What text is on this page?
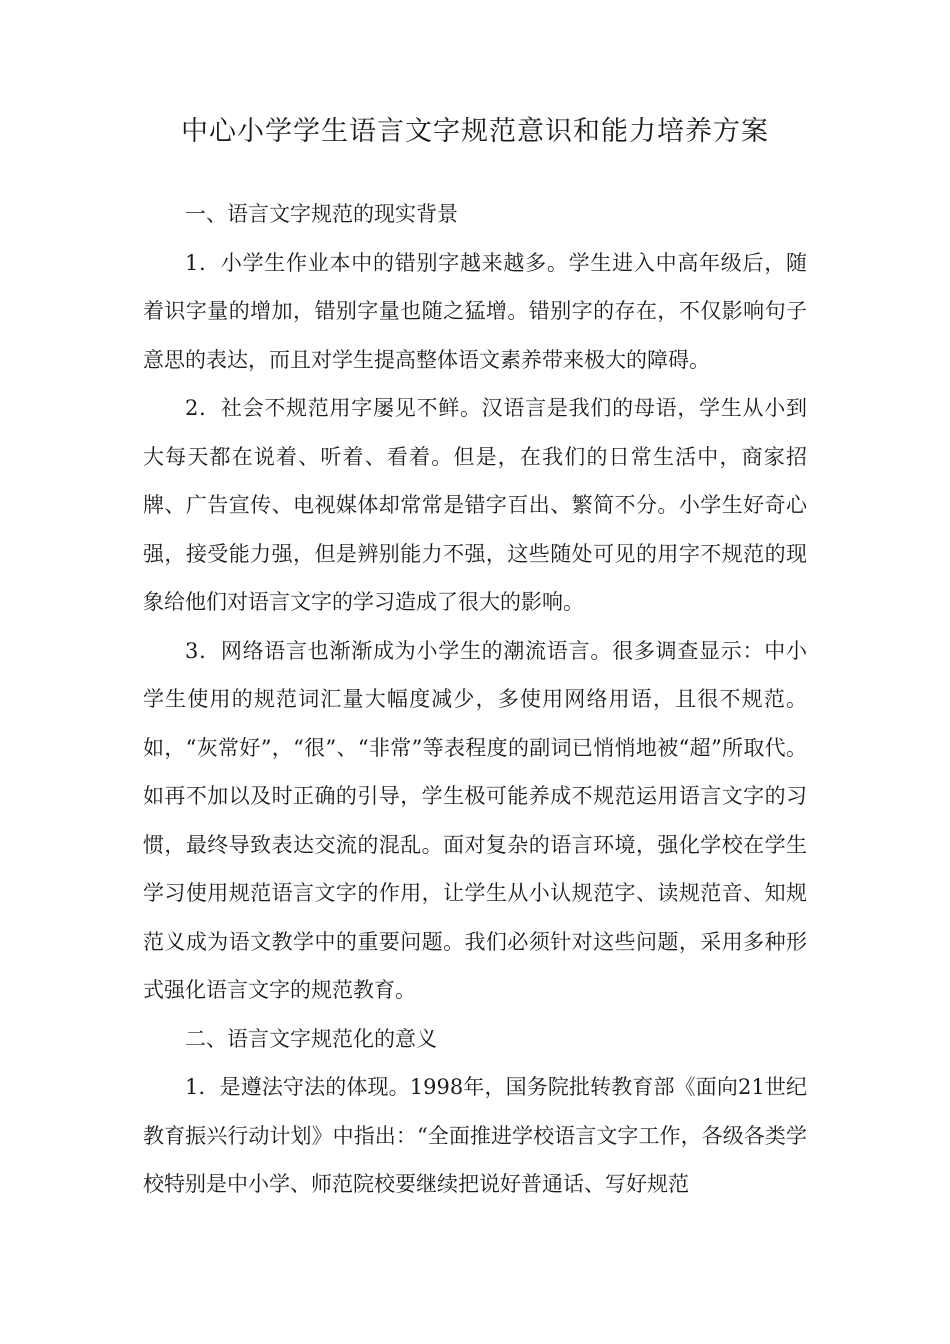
中心小学学生语言文字规范意识和能力培养方案

一、语言文字规范的现实背景

1．小学生作业本中的错别字越来越多。学生进入中高年级后，随着识字量的增加，错别字量也随之猛增。错别字的存在，不仅影响句子意思的表达，而且对学生提高整体语文素养带来极大的障碍。

2．社会不规范用字屡见不鲜。汉语言是我们的母语，学生从小到大每天都在说着、听着、看着。但是，在我们的日常生活中，商家招牌、广告宣传、电视媒体却常常是错字百出、繁简不分。小学生好奇心强，接受能力强，但是辨别能力不强，这些随处可见的用字不规范的现象给他们对语言文字的学习造成了很大的影响。

3．网络语言也渐渐成为小学生的潮流语言。很多调查显示：中小学生使用的规范词汇量大幅度减少，多使用网络用语，且很不规范。如，“灰常好”，“很”、“非常”等表程度的副词已悄悄地被“超”所取代。如再不加以及时正确的引导，学生极可能养成不规范运用语言文字的习惯，最终导致表达交流的混乱。面对复杂的语言环境，强化学校在学生学习使用规范语言文字的作用，让学生从小认规范字、读规范音、知规范义成为语文教学中的重要问题。我们必须针对这些问题，采用多种形式强化语言文字的规范教育。

二、语言文字规范化的意义

1．是遵法守法的体现。1998年，国务院批转教育部《面向21世纪教育振兴行动计划》中指出：“全面推进学校语言文字工作，各级各类学校特别是中小学、师范院校要继续把说好普通话、写好规范
